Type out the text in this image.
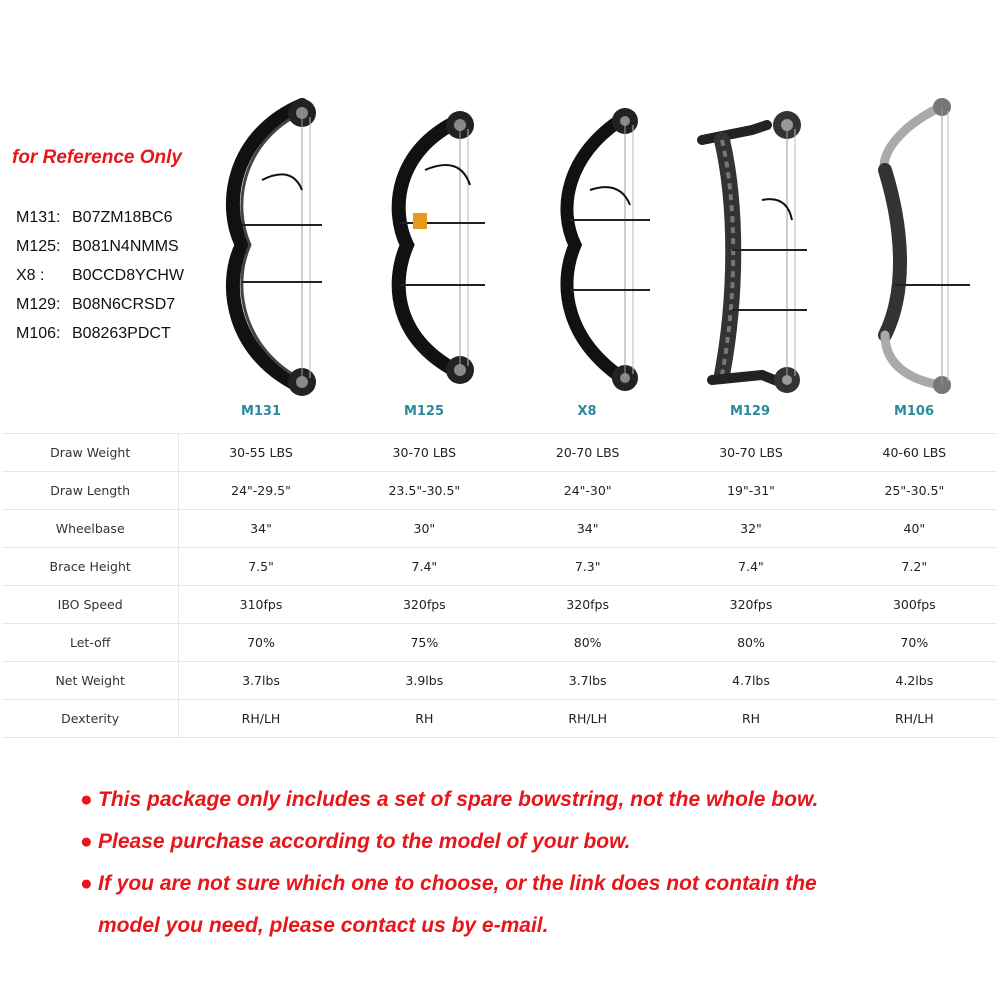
for Reference Only
M131: B07ZM18BC6
M125: B081N4NMMS
X8 : B0CCD8YCHW
M129: B08N6CRSD7
M106: B08263PDCT
M131	M125	X8	M129	M106
Draw Weight	30-55 LBS	30-70 LBS	20-70 LBS	30-70 LBS	40-60 LBS
Draw Length	24"-29.5"	23.5"-30.5"	24"-30"	19"-31"	25"-30.5"
Wheelbase	34"	30"	34"	32"	40"
Brace Height	7.5"	7.4"	7.3"	7.4"	7.2"
IBO Speed	310fps	320fps	320fps	320fps	300fps
Let-off	70%	75%	80%	80%	70%
Net Weight	3.7lbs	3.9lbs	3.7lbs	4.7lbs	4.2lbs
Dexterity	RH/LH	RH	RH/LH	RH	RH/LH
● This package only includes a set of spare bowstring, not the whole bow.
● Please purchase according to the model of your bow.
● If you are not sure which one to choose, or the link does not contain the
model you need, please contact us by e-mail.
